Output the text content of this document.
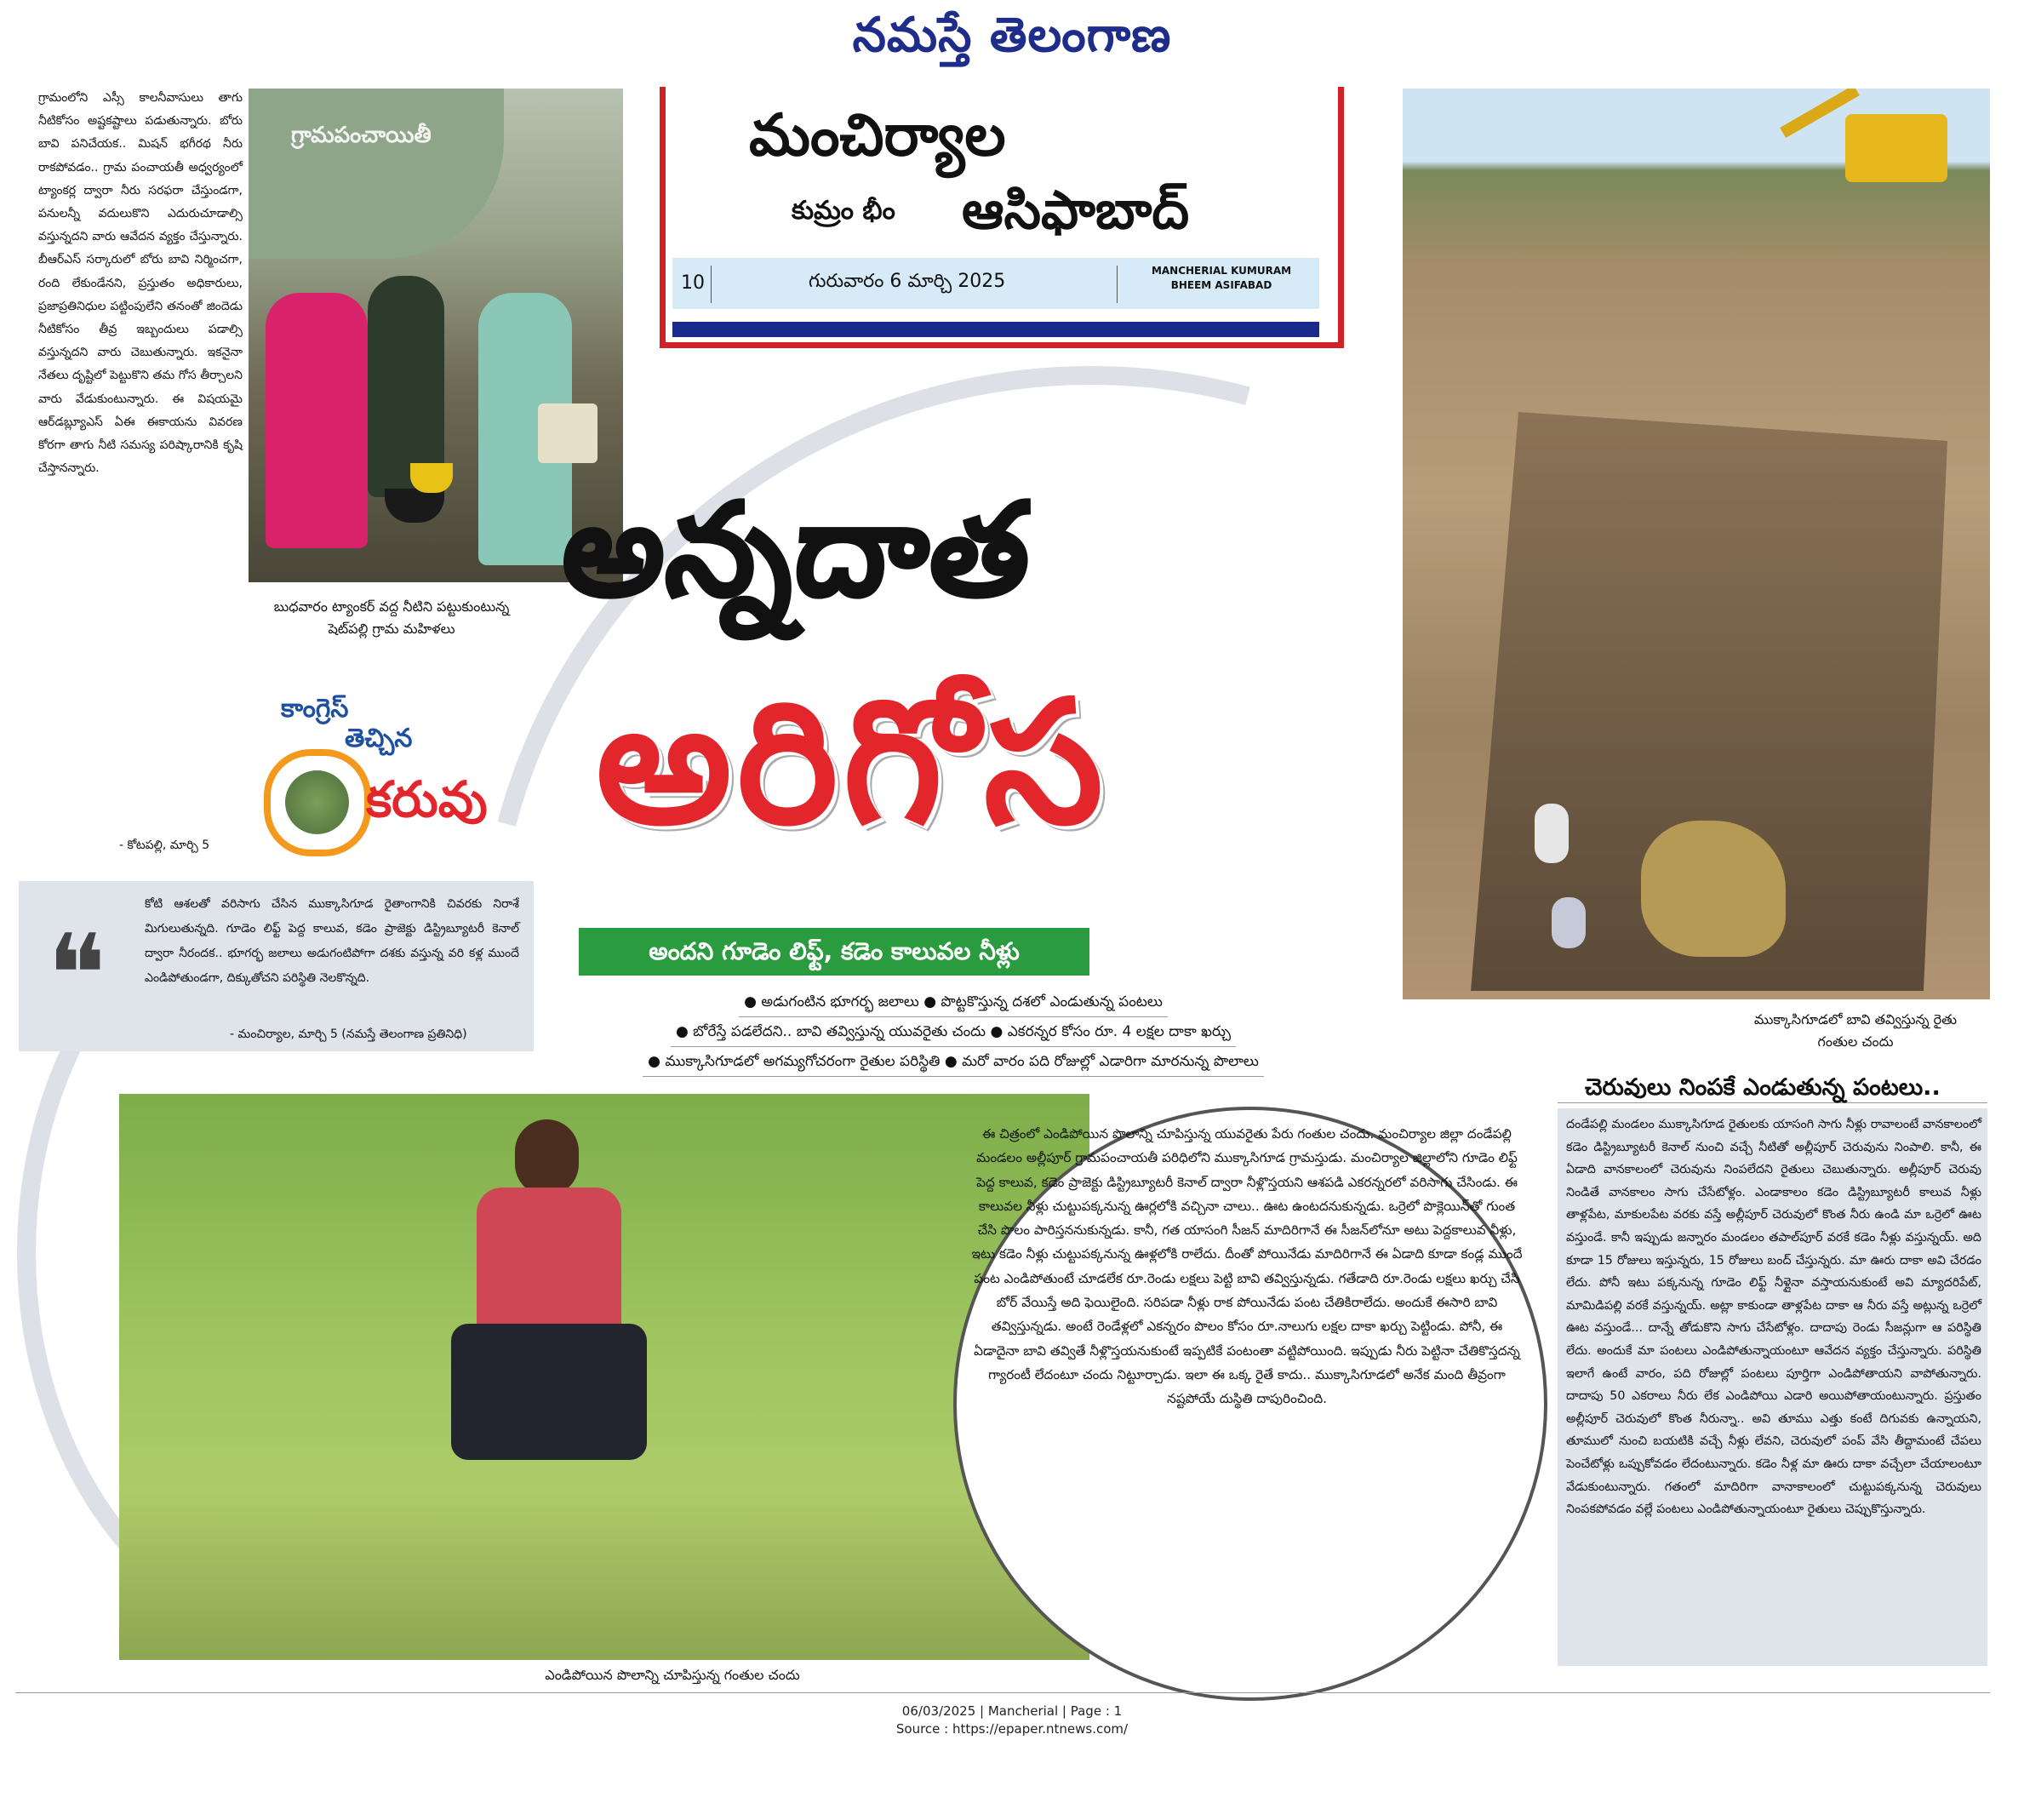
నమస్తే తెలంగాణ
గ్రామంలోని ఎస్సీ కాలనీవాసులు తాగు నీటికోసం అష్టకష్టాలు పడుతున్నారు. బోరు బావి పనిచేయక.. మిషన్ భగీరథ నీరు రాకపోవడం.. గ్రామ పంచాయతీ అధ్వర్యంలో ట్యాంకర్ల ద్వారా నీరు సరఫరా చేస్తుండగా, పనులన్నీ వదులుకొని ఎదురుచూడాల్సి వస్తున్నదని వారు ఆవేదన వ్యక్తం చేస్తున్నారు. బీఆర్ఎస్ సర్కారులో బోరు బావి నిర్మించగా, రంది లేకుండేనని, ప్రస్తుతం అధికారులు, ప్రజాప్రతినిధుల పట్టింపులేని తనంతో జిందెడు నీటికోసం తీవ్ర ఇబ్బందులు పడాల్సి వస్తున్నదని వారు చెబుతున్నారు. ఇకనైనా నేతలు దృష్టిలో పెట్టుకొని తమ గోస తీర్చాలని వారు వేడుకుంటున్నారు. ఈ విషయమై ఆర్‌డబ్ల్యూఎస్ ఏఈ ఈకాయను వివరణ కోరగా తాగు నీటి సమస్య పరిష్కారానికి కృషి చేస్తానన్నారు.
- కోటపల్లి, మార్చి 5
గ్రామపంచాయితీ
బుధవారం ట్యాంకర్ వద్ద నీటిని పట్టుకుంటున్న షెట్‌పల్లి గ్రామ మహిళలు
మంచిర్యాల
కుమ్రం భీం ఆసిఫాబాద్
10	గురువారం 6 మార్చి 2025	MANCHERIAL KUMURAM BHEEM ASIFABAD
ముక్కాసిగూడలో బావి తవ్విస్తున్న రైతు గంతుల చందు
అన్నదాత
అరిగోస
కాంగ్రెస్
తెచ్చిన
కరువు
అందని గూడెం లిఫ్ట్, కడెం కాలువల నీళ్లు
● అడుగంటిన భూగర్భ జలాలు ● పొట్టకొస్తున్న దశలో ఎండుతున్న పంటలు
● బోరేస్తే పడలేదని.. బావి తవ్విస్తున్న యువరైతు చందు ● ఎకరన్నర కోసం రూ. 4 లక్షల దాకా ఖర్చు
● ముక్కాసిగూడలో అగమ్యగోచరంగా రైతుల పరిస్థితి ● మరో వారం పది రోజుల్లో ఎడారిగా మారనున్న పొలాలు
❝
కోటి ఆశలతో వరిసాగు చేసిన ముక్కాసిగూడ రైతాంగానికి చివరకు నిరాశే మిగులుతున్నది. గూడెం లిఫ్ట్ పెద్ద కాలువ, కడెం ప్రాజెక్టు డిస్ట్రిబ్యూటరీ కెనాల్ ద్వారా నీరందక.. భూగర్భ జలాలు అడుగంటిపోగా దశకు వస్తున్న వరి కళ్ల ముందే ఎండిపోతుండగా, దిక్కుతోచని పరిస్థితి నెలకొన్నది.
- మంచిర్యాల, మార్చి 5 (నమస్తే తెలంగాణ ప్రతినిధి)
ఎండిపోయిన పొలాన్ని చూపిస్తున్న గంతుల చందు
ఈ చిత్రంలో ఎండిపోయిన పొలాన్ని చూపిస్తున్న యువరైతు పేరు గంతుల చందు. మంచిర్యాల జిల్లా దండేపల్లి మండలం అల్లీపూర్ గ్రామపంచాయతీ పరిధిలోని ముక్కాసిగూడ గ్రామస్తుడు. మంచిర్యాల జిల్లాలోని గూడెం లిఫ్ట్ పెద్ద కాలువ, కడెం ప్రాజెక్టు డిస్ట్రిబ్యూటరీ కెనాల్ ద్వారా నీళ్లొస్తయని ఆశపడి ఎకరన్నరలో వరిసాగు చేసిండు. ఈ కాలువల నీళ్లు చుట్టుపక్కనున్న ఊర్లలోకి వచ్చినా చాలు.. ఊట ఉంటదనుకున్నడు. ఒర్రెలో పొక్లెయిన్‌తో గుంత చేసి పొలం పారిస్తననుకున్నడు. కానీ, గత యాసంగి సీజన్ మాదిరిగానే ఈ సీజన్‌లోనూ అటు పెద్దకాలువ నీళ్లు, ఇటు కడెం నీళ్లు చుట్టుపక్కనున్న ఊళ్లలోకి రాలేదు. దీంతో పోయినేడు మాదిరిగానే ఈ ఏడాది కూడా కండ్ల ముందే పంట ఎండిపోతుంటే చూడలేక రూ.రెండు లక్షలు పెట్టి బావి తవ్విస్తున్నడు. గతేడాది రూ.రెండు లక్షలు ఖర్చు చేసి బోర్ వేయిస్తే అది ఫెయిలైంది. సరిపడా నీళ్లు రాక పోయినేడు పంట చేతికిరాలేదు. అందుకే ఈసారి బావి తవ్విస్తున్నడు. అంటే రెండేళ్లలో ఎకన్నరం పొలం కోసం రూ.నాలుగు లక్షల దాకా ఖర్చు పెట్టిండు. పోనీ, ఈ ఏడాదైనా బావి తవ్వితే నీళ్లొస్తయనుకుంటే ఇప్పటికే పంటంతా వట్టిపోయింది. ఇప్పుడు నీరు పెట్టినా చేతికొస్తదన్న గ్యారంటీ లేదంటూ చందు నిట్టూర్చాడు. ఇలా ఈ ఒక్క రైతే కాదు.. ముక్కాసిగూడలో అనేక మంది తీవ్రంగా నష్టపోయే దుస్థితి దాపురించింది.
చెరువులు నింపకే ఎండుతున్న పంటలు..
దండేపల్లి మండలం ముక్కాసిగూడ రైతులకు యాసంగి సాగు నీళ్లు రావాలంటే వానకాలంలో కడెం డిస్ట్రిబ్యూటరీ కెనాల్ నుంచి వచ్చే నీటితో అల్లీపూర్ చెరువును నింపాలి. కానీ, ఈ ఏడాది వానకాలంలో చెరువును నింపలేదని రైతులు చెబుతున్నారు. అల్లీపూర్ చెరువు నిండితే వానకాలం సాగు చేసేటోళ్లం. ఎండాకాలం కడెం డిస్ట్రిబ్యూటరీ కాలువ నీళ్లు తాళ్లపేట, మాకులపేట వరకు వస్తే అల్లీపూర్ చెరువులో కొంత నీరు ఉండి మా ఒర్రెలో ఊట వస్తుండే. కానీ ఇప్పుడు జన్నారం మండలం తపాల్‌పూర్ వరకే కడెం నీళ్లు వస్తున్నయ్. అది కూడా 15 రోజులు ఇస్తున్నరు, 15 రోజులు బంద్ చేస్తున్నరు. మా ఊరు దాకా అవి చేరడం లేదు. పోనీ ఇటు పక్కనున్న గూడెం లిఫ్ట్ నీళ్లైనా వస్తాయనుకుంటే అవి మ్యాదరిపేట్, మామిడిపల్లి వరకే వస్తున్నయ్. అట్లా కాకుండా తాళ్లపేట దాకా ఆ నీరు వస్తే అట్లున్న ఒర్రెలో ఊట వస్తుండే... దాన్నే తోడుకొని సాగు చేసేటోళ్లం. దాదాపు రెండు సీజన్లుగా ఆ పరిస్థితి లేదు. అందుకే మా పంటలు ఎండిపోతున్నాయంటూ ఆవేదన వ్యక్తం చేస్తున్నారు. పరిస్థితి ఇలాగే ఉంటే వారం, పది రోజుల్లో పంటలు పూర్తిగా ఎండిపోతాయని వాపోతున్నారు. దాదాపు 50 ఎకరాలు నీరు లేక ఎండిపోయి ఎడారి అయిపోతాయంటున్నారు. ప్రస్తుతం అల్లీపూర్ చెరువులో కొంత నీరున్నా.. అవి తూము ఎత్తు కంటే దిగువకు ఉన్నాయని, తూములో నుంచి బయటికి వచ్చే నీళ్లు లేవని, చెరువులో పంప్ వేసి తీద్దామంటే చేపలు పెంచేటోళ్లు ఒప్పుకోవడం లేదంటున్నారు. కడెం నీళ్ల మా ఊరు దాకా వచ్చేలా చేయాలంటూ వేడుకుంటున్నారు. గతంలో మాదిరిగా వానాకాలంలో చుట్టుపక్కనున్న చెరువులు నింపకపోవడం వల్లే పంటలు ఎండిపోతున్నాయంటూ రైతులు చెప్పుకొస్తున్నారు.
06/03/2025 | Mancherial | Page : 1
Source : https://epaper.ntnews.com/
